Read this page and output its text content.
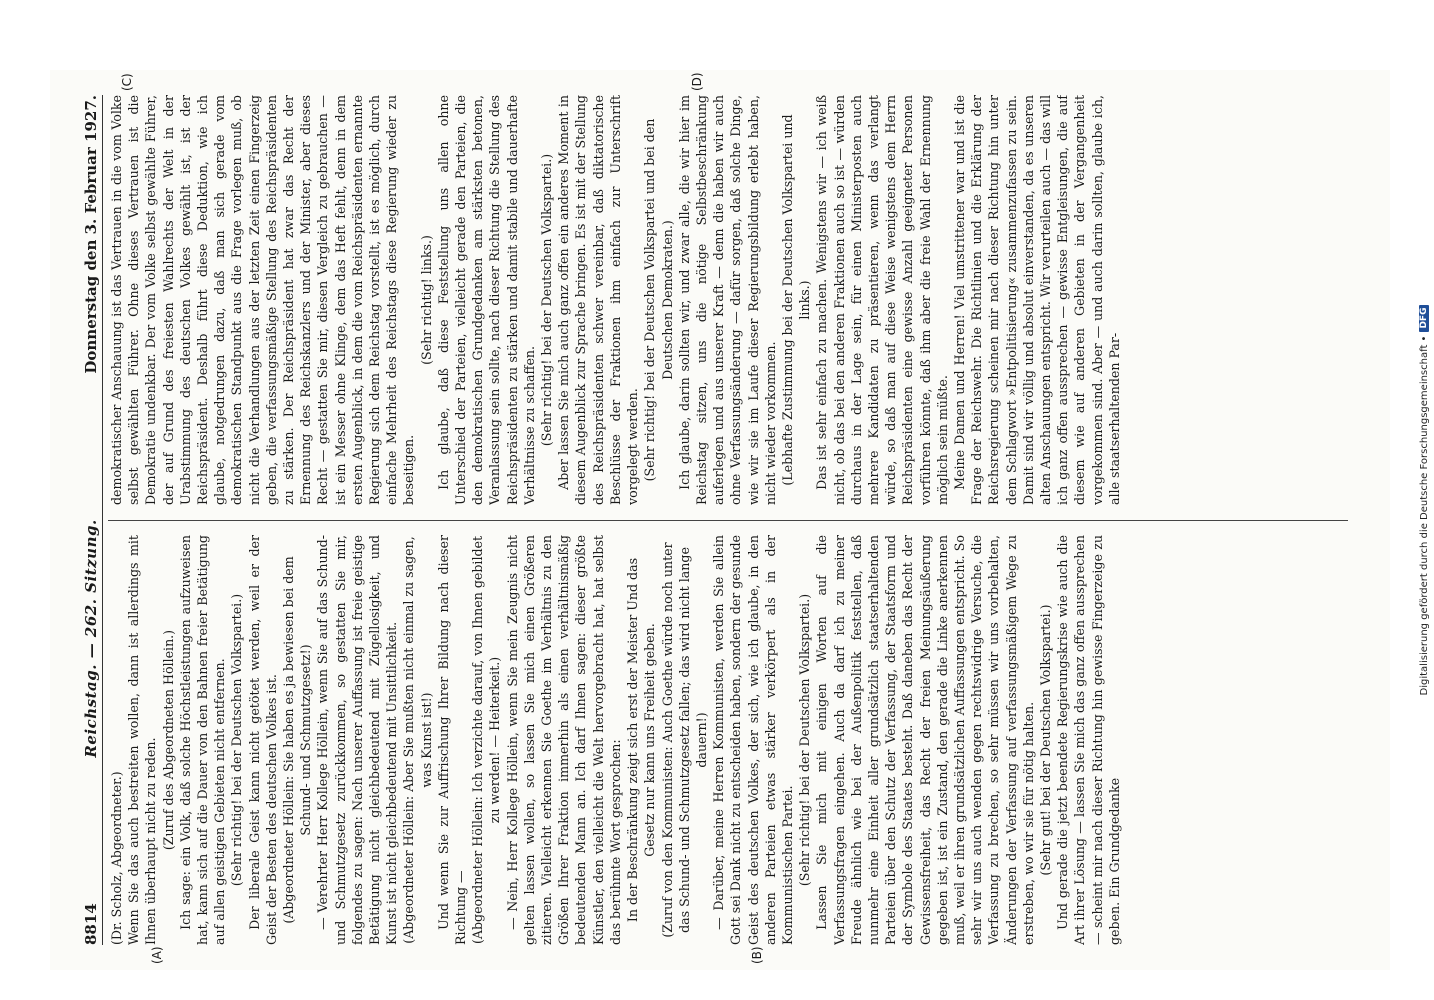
8814
Reichstag. — 262. Sitzung.
Donnerstag den 3. Februar 1927.
(A)	(B)
(C)	(D)

(Dr. Scholz, Abgeordneter.) Wenn Sie das auch bestreiten wollen, dann ist allerdings mit Ihnen überhaupt nicht zu reden. (Zuruf des Abgeordneten Höllein.) Ich sage: ein Volk, daß solche Höchstleistungen aufzuweisen hat, kann sich auf die Dauer von den Bahnen freier Betätigung auf allen geistigen Gebieten nicht entfernen. (Sehr richtig! bei der Deutschen Volkspartei.) Der liberale Geist kann nicht getötet werden, weil er der Geist der Besten des deutschen Volkes ist. (Abgeordneter Höllein: Sie haben es ja bewiesen bei dem Schund- und Schmutzgesetz!) — Verehrter Herr Kollege Höllein, wenn Sie auf das Schund- und Schmutzgesetz zurückkommen, so gestatten Sie mir, folgendes zu sagen: Nach unserer Auffassung ist freie geistige Betätigung nicht gleichbedeutend mit Zügellosigkeit, und Kunst ist nicht gleichbedeutend mit Unsittlichkeit. (Abgeordneter Höllein: Aber Sie mußten nicht einmal zu sagen, was Kunst ist!) Und wenn Sie zur Auffrischung Ihrer Bildung nach dieser Richtung — (Abgeordneter Höllein: Ich verzichte darauf, von Ihnen gebildet zu werden! — Heiterkeit.) — Nein, Herr Kollege Höllein, wenn Sie mein Zeugnis nicht gelten lassen wollen, so lassen Sie mich einen Größeren zitieren. Vielleicht erkennen Sie Goethe im Verhältnis zu den Größen Ihrer Fraktion immerhin als einen verhältnismäßig bedeutenden Mann an. Ich darf Ihnen sagen: dieser größte Künstler, den vielleicht die Welt hervorgebracht hat, hat selbst das berühmte Wort gesprochen: In der Beschränkung zeigt sich erst der Meister Und das Gesetz nur kann uns Freiheit geben. (Zuruf von den Kommunisten: Auch Goethe würde noch unter das Schund- und Schmutzgesetz fallen; das wird nicht lange dauern!) — Darüber, meine Herren Kommunisten, werden Sie allein Gott sei Dank nicht zu entscheiden haben, sondern der gesunde Geist des deutschen Volkes, der sich, wie ich glaube, in den anderen Parteien etwas stärker verkörpert als in der Kommunistischen Partei. (Sehr richtig! bei der Deutschen Volkspartei.) Lassen Sie mich mit einigen Worten auf die Verfassungsfragen eingehen. Auch da darf ich zu meiner Freude ähnlich wie bei der Außenpolitik feststellen, daß nunmehr eine Einheit aller grundsätzlich staatserhaltenden Parteien über den Schutz der Verfassung, der Staatsform und der Symbole des Staates besteht. Daß daneben das Recht der Gewissensfreiheit, das Recht der freien Meinungsäußerung gegeben ist, ist ein Zustand, den gerade die Linke anerkennen muß, weil er ihren grundsätzlichen Auffassungen entspricht. So sehr wir uns auch wenden gegen rechtswidrige Versuche, die Verfassung zu brechen, so sehr müssen wir uns vorbehalten, Änderungen der Verfassung auf verfassungsmäßigem Wege zu erstreben, wo wir sie für nötig halten. (Sehr gut! bei der Deutschen Volkspartei.) Und gerade die jetzt beendete Regierungskrise wie auch die Art ihrer Lösung — lassen Sie mich das ganz offen aussprechen — scheint mir nach dieser Richtung hin gewisse Fingerzeige zu geben. Ein Grundgedanke

demokratischer Anschauung ist das Vertrauen in die vom Volke selbst gewählten Führer. Ohne dieses Vertrauen ist die Demokratie undenkbar. Der vom Volke selbst gewählte Führer, der auf Grund des freiesten Wahlrechts der Welt in der Urabstimmung des deutschen Volkes gewählt ist, ist der Reichspräsident. Deshalb führt diese Deduktion, wie ich glaube, notgedrungen dazu, daß man sich gerade vom demokratischen Standpunkt aus die Frage vorlegen muß, ob nicht die Verhandlungen aus der letzten Zeit einen Fingerzeig geben, die verfassungsmäßige Stellung des Reichspräsidenten zu stärken. Der Reichspräsident hat zwar das Recht der Ernennung des Reichskanzlers und der Minister, aber dieses Recht — gestatten Sie mir, diesen Vergleich zu gebrauchen — ist ein Messer ohne Klinge, dem das Heft fehlt, denn in dem ersten Augenblick, in dem die vom Reichspräsidenten ernannte Regierung sich dem Reichstag vorstellt, ist es möglich, durch einfache Mehrheit des Reichstags diese Regierung wieder zu beseitigen.

(Sehr richtig! links.) Ich glaube, daß diese Feststellung uns allen ohne Unterschied der Parteien, vielleicht gerade den Parteien, die den demokratischen Grundgedanken am stärksten betonen, Veranlassung sein sollte, nach dieser Richtung die Stellung des Reichspräsidenten zu stärken und damit stabile und dauerhafte Verhältnisse zu schaffen. (Sehr richtig! bei der Deutschen Volkspartei.) Aber lassen Sie mich auch ganz offen ein anderes Moment in diesem Augenblick zur Sprache bringen. Es ist mit der Stellung des Reichspräsidenten schwer vereinbar, daß diktatorische Beschlüsse der Fraktionen ihm einfach zur Unterschrift vorgelegt werden. (Sehr richtig! bei der Deutschen Volkspartei und bei den Deutschen Demokraten.) Ich glaube, darin sollten wir, und zwar alle, die wir hier im Reichstag sitzen, uns die nötige Selbstbeschränkung auferlegen und aus unserer Kraft — denn die haben wir auch ohne Verfassungsänderung — dafür sorgen, daß solche Dinge, wie wir sie im Laufe dieser Regierungsbildung erlebt haben, nicht wieder vorkommen. (Lebhafte Zustimmung bei der Deutschen Volkspartei und links.) Das ist sehr einfach zu machen. Wenigstens wir — ich weiß nicht, ob das bei den anderen Fraktionen auch so ist — würden durchaus in der Lage sein, für einen Ministerposten auch mehrere Kandidaten zu präsentieren, wenn das verlangt würde, so daß man auf diese Weise wenigstens dem Herrn Reichspräsidenten eine gewisse Anzahl geeigneter Personen vorführen könnte, daß ihm aber die freie Wahl der Ernennung möglich sein müßte. Meine Damen und Herren! Viel umstrittener war und ist die Frage der Reichswehr. Die Richtlinien und die Erklärung der Reichsregierung scheinen mir nach dieser Richtung hin unter dem Schlagwort »Entpolitisierung« zusammenzufassen zu sein. Damit sind wir völlig und absolut einverstanden, da es unseren alten Anschauungen entspricht. Wir verurteilen auch — das will ich ganz offen aussprechen — gewisse Entgleisungen, die auf diesem wie auf anderen Gebieten in der Vergangenheit vorgekommen sind. Aber — und auch darin sollten, glaube ich, alle staatserhaltenden Par-	Digitalisierung gefördert durch die Deutsche Forschungsgemeinschaft •
DFG
